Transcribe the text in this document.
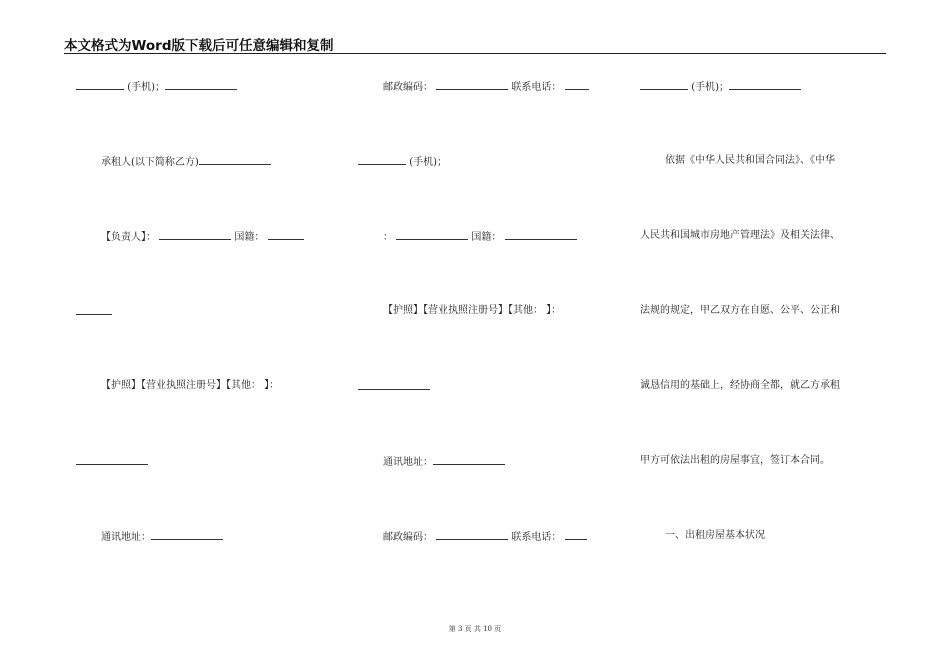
本文格式为Word版下载后可任意编辑和复制
(手机)；
承租人(以下简称乙方)
【负责人】：	国籍：
【护照】【营业执照注册号】【其他： 】：
通讯地址：
邮政编码：	联系电话：
(手机)；
：	国籍：
【护照】【营业执照注册号】【其他： 】：
通讯地址：
邮政编码：	联系电话：
(手机)；
依据《中华人民共和国合同法》、《中华
人民共和国城市房地产管理法》及相关法律、
法规的规定，甲乙双方在自愿、公平、公正和
诚恳信用的基础上，经协商全都，就乙方承租
甲方可依法出租的房屋事宜，签订本合同。
一、出租房屋基本状况
第 3 页 共 10 页
